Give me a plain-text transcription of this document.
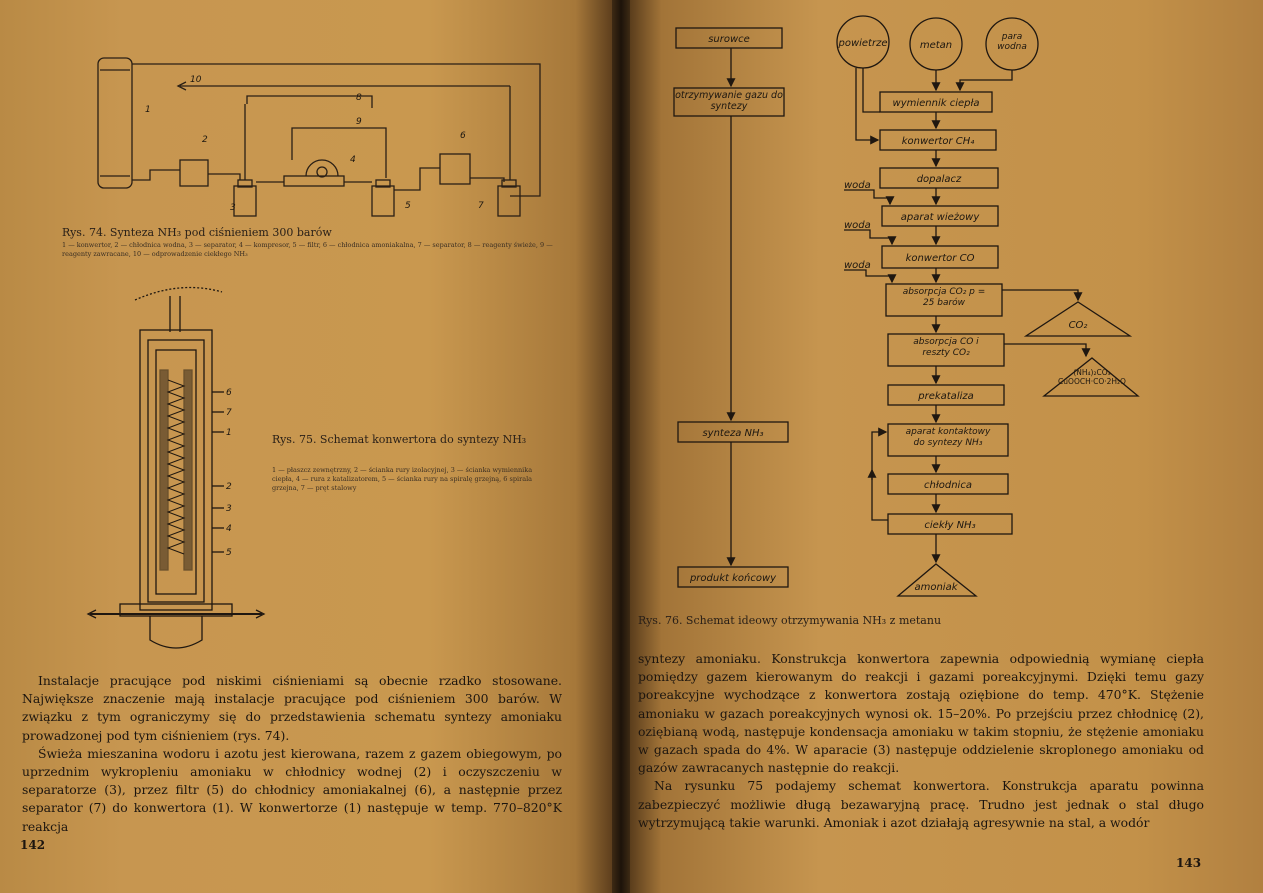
1
2
3
4
5
6
7
8
9
10
Rys. 74. Synteza NH₃ pod ciśnieniem 300 barów
1 — konwertor, 2 — chłodnica wodna, 3 — separator, 4 — kompresor, 5 — filtr, 6 — chłodnica amoniakalna, 7 — separator, 8 — reagenty świeże, 9 — reagenty zawracane, 10 — odprowadzenie ciekłego NH₃
6
7
1
2
3
4
5
Rys. 75. Schemat konwertora do syntezy NH₃
1 — płaszcz zewnętrzny, 2 — ścianka rury izolacyjnej, 3 — ścianka wymiennika ciepła, 4 — rura z katalizatorem, 5 — ścianka rury na spiralę grzejną, 6 spirala grzejna, 7 — pręt stalowy

Instalacje pracujące pod niskimi ciśnieniami są obecnie rzadko stosowane. Największe znaczenie mają instalacje pracujące pod ciśnieniem 300 barów. W związku z tym ograniczymy się do przedstawienia schematu syntezy amoniaku prowadzonej pod tym ciśnieniem (rys. 74).

Świeża mieszanina wodoru i azotu jest kierowana, razem z gazem obiegowym, po uprzednim wykropleniu amoniaku w chłodnicy wodnej (2) i oczyszczeniu w separatorze (3), przez filtr (5) do chłodnicy amoniakalnej (6), a następnie przez separator (7) do konwertora (1). W konwertorze (1) następuje w temp. 770–820°K reakcja

142
surowce
otrzymywanie gazu do syntezy
synteza NH₃
produkt końcowy
powietrze	metan
para wodna
wymiennik ciepła
konwertor CH₄
dopalacz
aparat wieżowy
konwertor CO
absorpcja CO₂ p = 25 barów
absorpcja CO i reszty CO₂
prekataliza
aparat kontaktowy do syntezy NH₃
chłodnica
ciekły NH₃
woda
woda
woda
CO₂
(NH₄)₂CO₃ CuOOCH·CO·2H₂O
amoniak
Rys. 76. Schemat ideowy otrzymywania NH₃ z metanu

syntezy amoniaku. Konstrukcja konwertora zapewnia odpowiednią wymianę ciepła pomiędzy gazem kierowanym do reakcji i gazami poreakcyjnymi. Dzięki temu gazy poreakcyjne wychodzące z konwertora zostają oziębione do temp. 470°K. Stężenie amoniaku w gazach poreakcyjnych wynosi ok. 15–20%. Po przejściu przez chłodnicę (2), oziębianą wodą, następuje kondensacja amoniaku w takim stopniu, że stężenie amoniaku w gazach spada do 4%. W aparacie (3) następuje oddzielenie skroplonego amoniaku od gazów zawracanych następnie do reakcji.

Na rysunku 75 podajemy schemat konwertora. Konstrukcja aparatu powinna zabezpieczyć możliwie długą bezawaryjną pracę. Trudno jest jednak o stal długo wytrzymującą takie warunki. Amoniak i azot działają agresywnie na stal, a wodór

143
